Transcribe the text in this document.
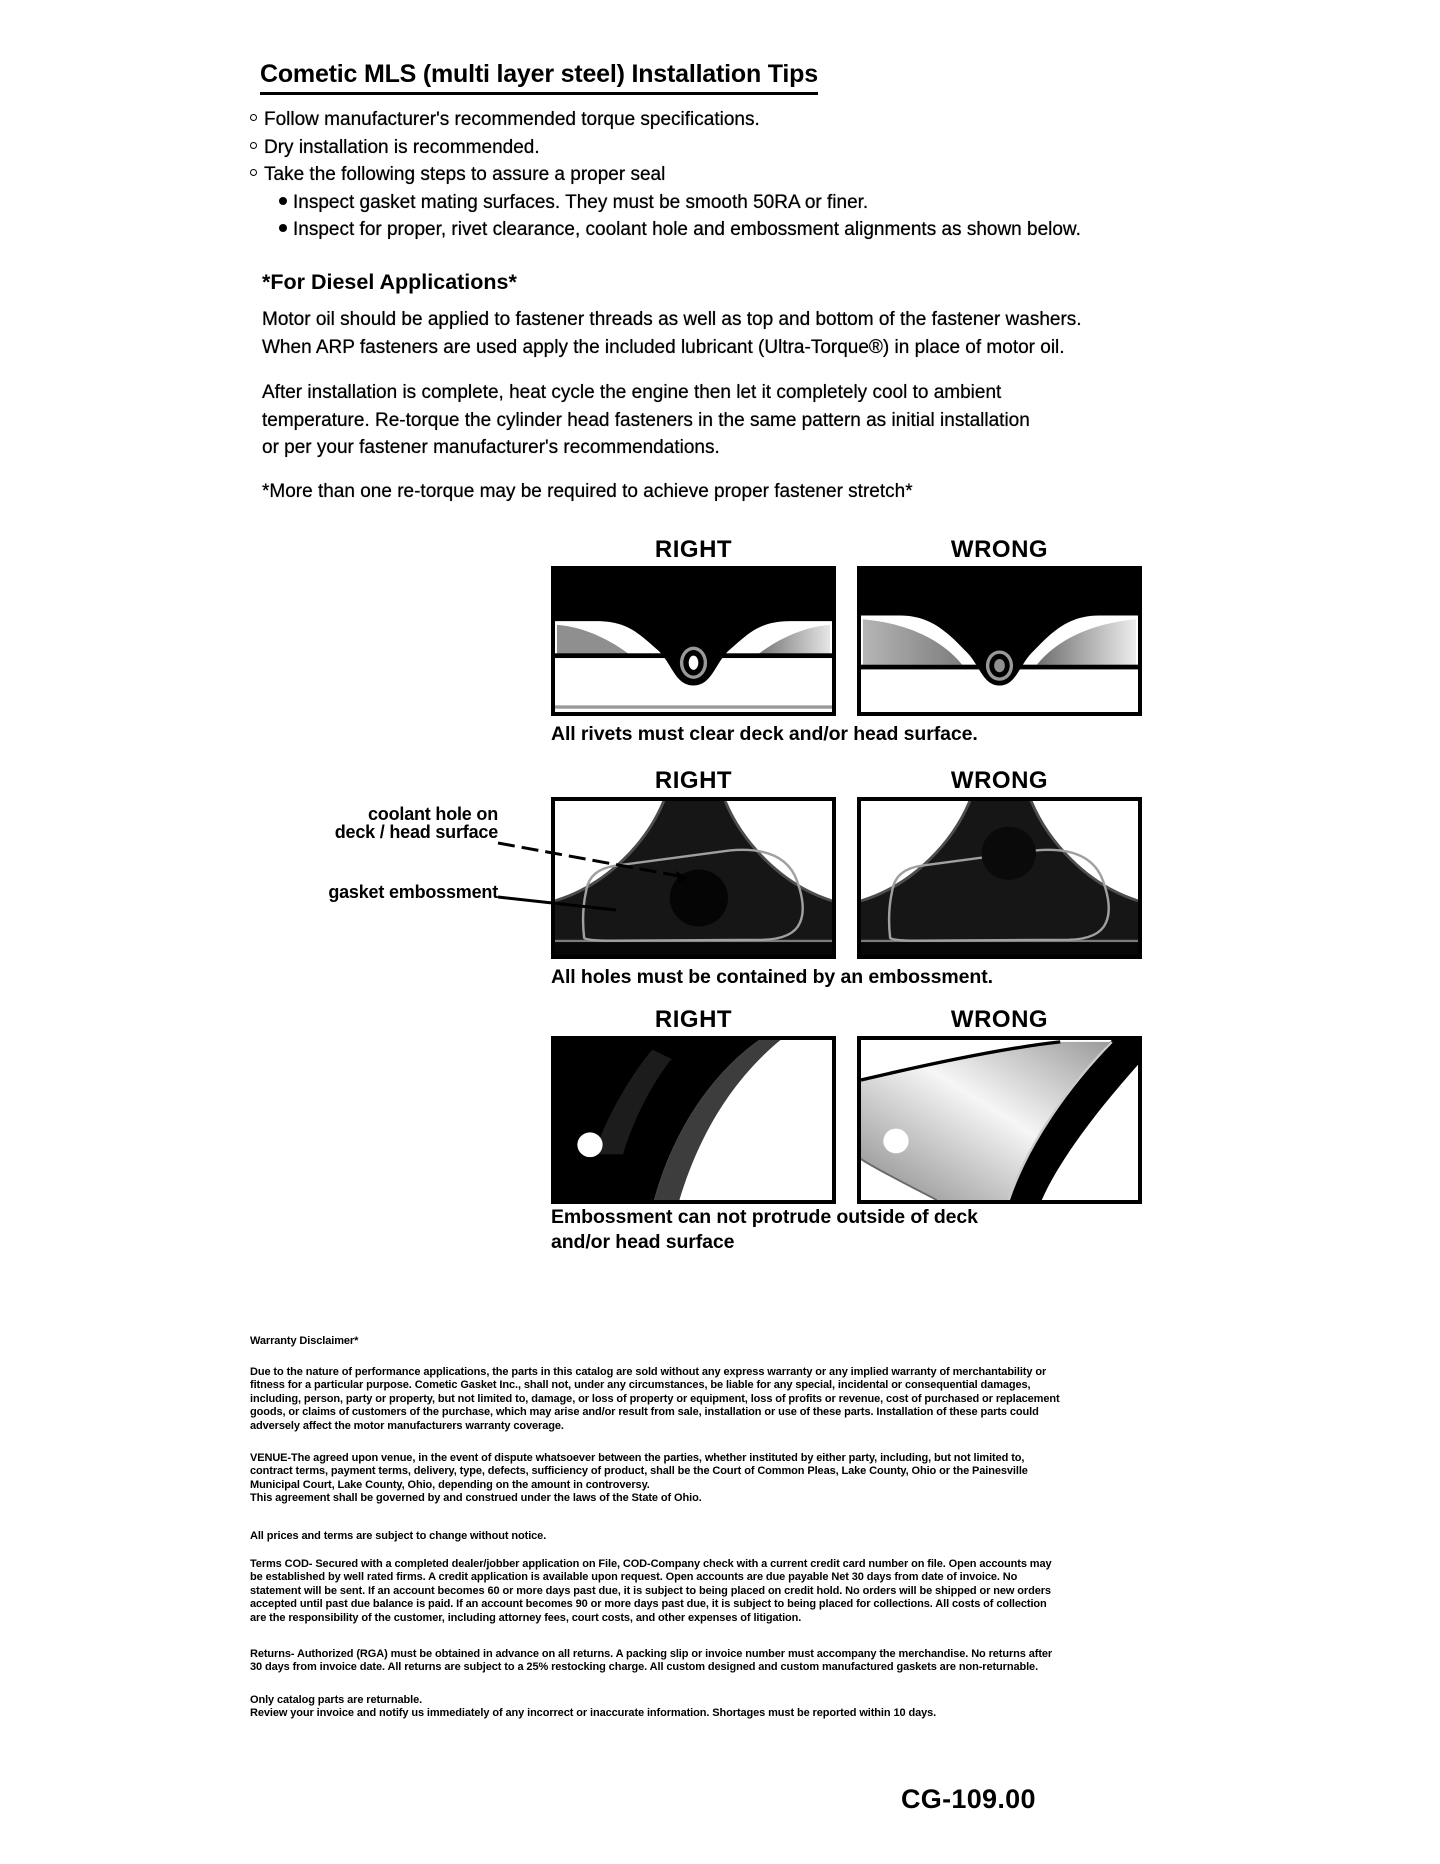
Cometic MLS (multi layer steel) Installation Tips
Follow manufacturer's recommended torque specifications.
Dry installation is recommended.
Take the following steps to assure a proper seal
Inspect gasket mating surfaces. They must be smooth 50RA or finer.
Inspect for proper, rivet clearance, coolant hole and embossment alignments as shown below.
*For Diesel Applications*
Motor oil should be applied to fastener threads as well as top and bottom of the fastener washers.
When ARP fasteners are used apply the included lubricant (Ultra-Torque®) in place of motor oil.
After installation is complete, heat cycle the engine then let it completely cool to ambient
temperature. Re-torque the cylinder head fasteners in the same pattern as initial installation
or per your fastener manufacturer's recommendations.
*More than one re-torque may be required to achieve proper fastener stretch*
RIGHT	WRONG
All rivets must clear deck and/or head surface.
RIGHT	WRONG
coolant hole on
deck / head surface
gasket embossment
All holes must be contained by an embossment.
RIGHT	WRONG
Embossment can not protrude outside of deck and/or head surface
Warranty Disclaimer*
Due to the nature of performance applications, the parts in this catalog are sold without any express warranty or any implied warranty of merchantability or
fitness for a particular purpose. Cometic Gasket Inc., shall not, under any circumstances, be liable for any special, incidental or consequential damages,
including, person, party or property, but not limited to, damage, or loss of property or equipment, loss of profits or revenue, cost of purchased or replacement
goods, or claims of customers of the purchase, which may arise and/or result from sale, installation or use of these parts. Installation of these parts could
adversely affect the motor manufacturers warranty coverage.
VENUE-The agreed upon venue, in the event of dispute whatsoever between the parties, whether instituted by either party, including, but not limited to,
contract terms, payment terms, delivery, type, defects, sufficiency of product, shall be the Court of Common Pleas, Lake County, Ohio or the Painesville
Municipal Court, Lake County, Ohio, depending on the amount in controversy.
This agreement shall be governed by and construed under the laws of the State of Ohio.
All prices and terms are subject to change without notice.
Terms COD- Secured with a completed dealer/jobber application on File, COD-Company check with a current credit card number on file. Open accounts may
be established by well rated firms. A credit application is available upon request. Open accounts are due payable Net 30 days from date of invoice. No
statement will be sent. If an account becomes 60 or more days past due, it is subject to being placed on credit hold. No orders will be shipped or new orders
accepted until past due balance is paid. If an account becomes 90 or more days past due, it is subject to being placed for collections. All costs of collection
are the responsibility of the customer, including attorney fees, court costs, and other expenses of litigation.
Returns- Authorized (RGA) must be obtained in advance on all returns. A packing slip or invoice number must accompany the merchandise. No returns after
30 days from invoice date. All returns are subject to a 25% restocking charge. All custom designed and custom manufactured gaskets are non-returnable.
Only catalog parts are returnable.
Review your invoice and notify us immediately of any incorrect or inaccurate information. Shortages must be reported within 10 days.
CG-109.00
